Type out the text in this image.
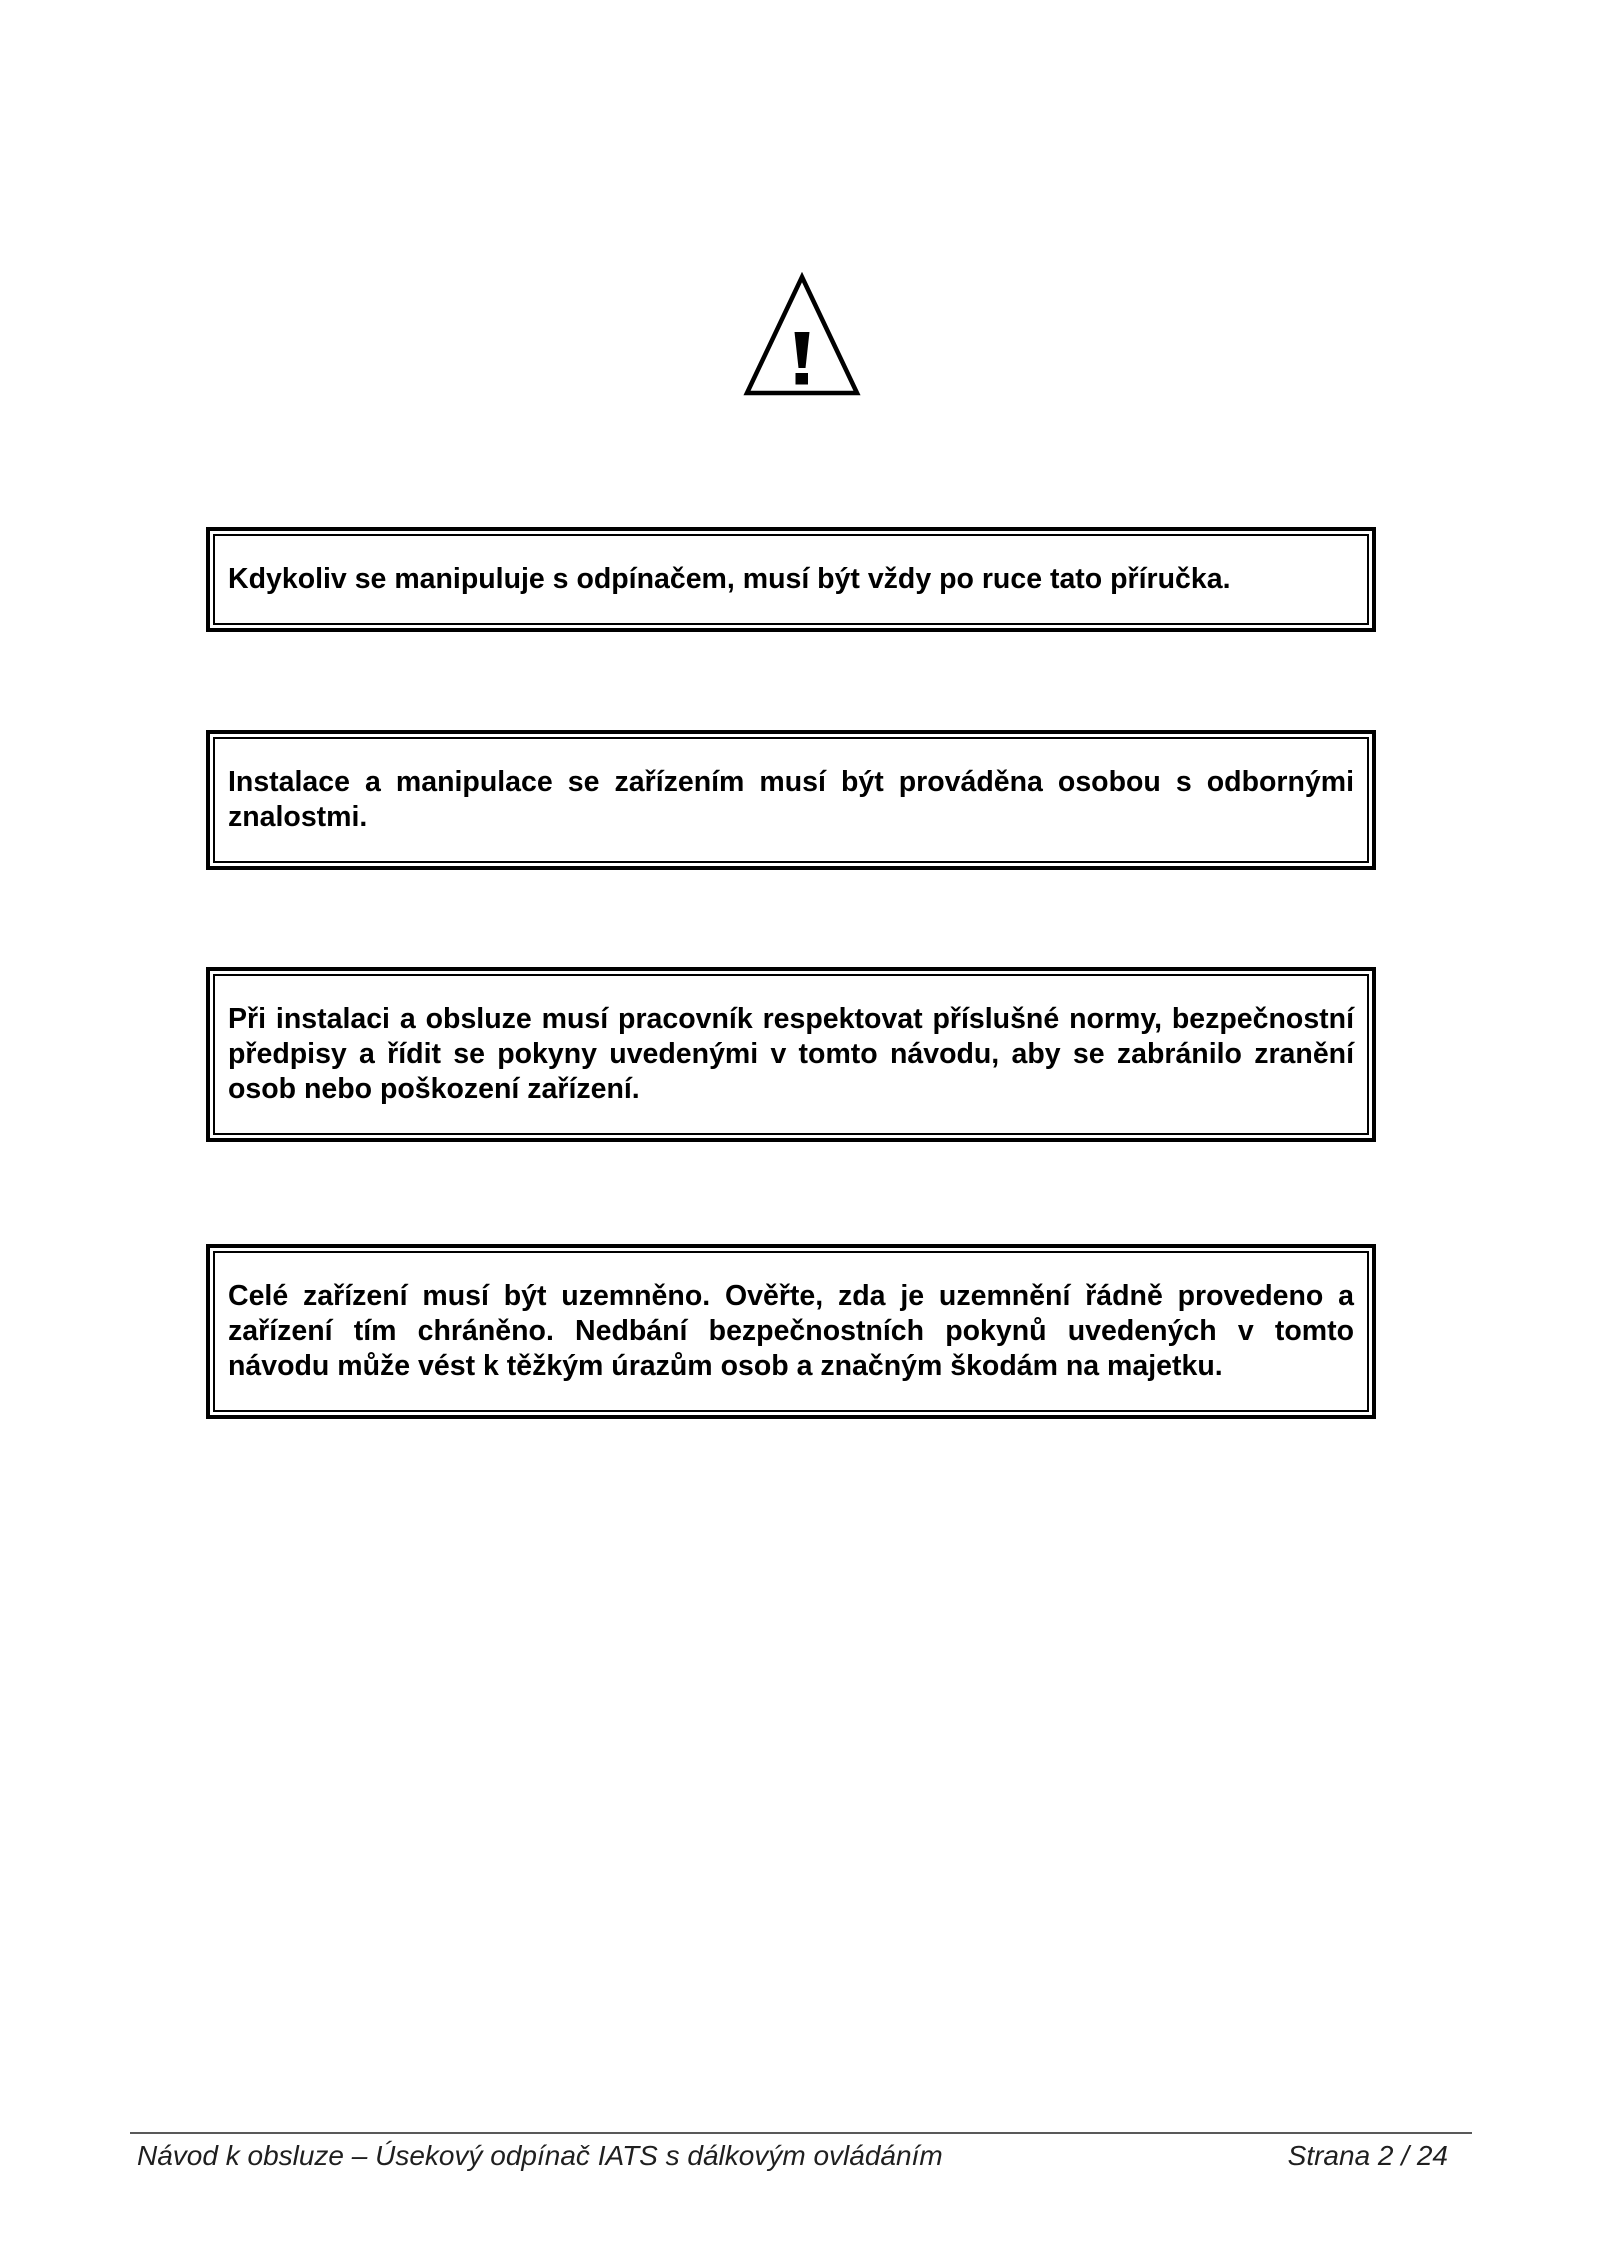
Kdykoliv se manipuluje s odpínačem, musí být vždy po ruce tato příručka.
Instalace a manipulace se zařízením musí být prováděna osobou s odbornými znalostmi.
Při instalaci a obsluze musí pracovník respektovat příslušné normy, bezpečnostní předpisy a řídit se pokyny uvedenými v tomto návodu, aby se zabránilo zranění osob nebo poškození zařízení.
Celé zařízení musí být uzemněno. Ověřte, zda je uzemnění řádně provedeno a zařízení tím chráněno. Nedbání bezpečnostních pokynů uvedených v tomto návodu může vést k těžkým úrazům osob a značným škodám na majetku.
Návod k obsluze – Úsekový odpínač IATS s dálkovým ovládáním	Strana 2 / 24
